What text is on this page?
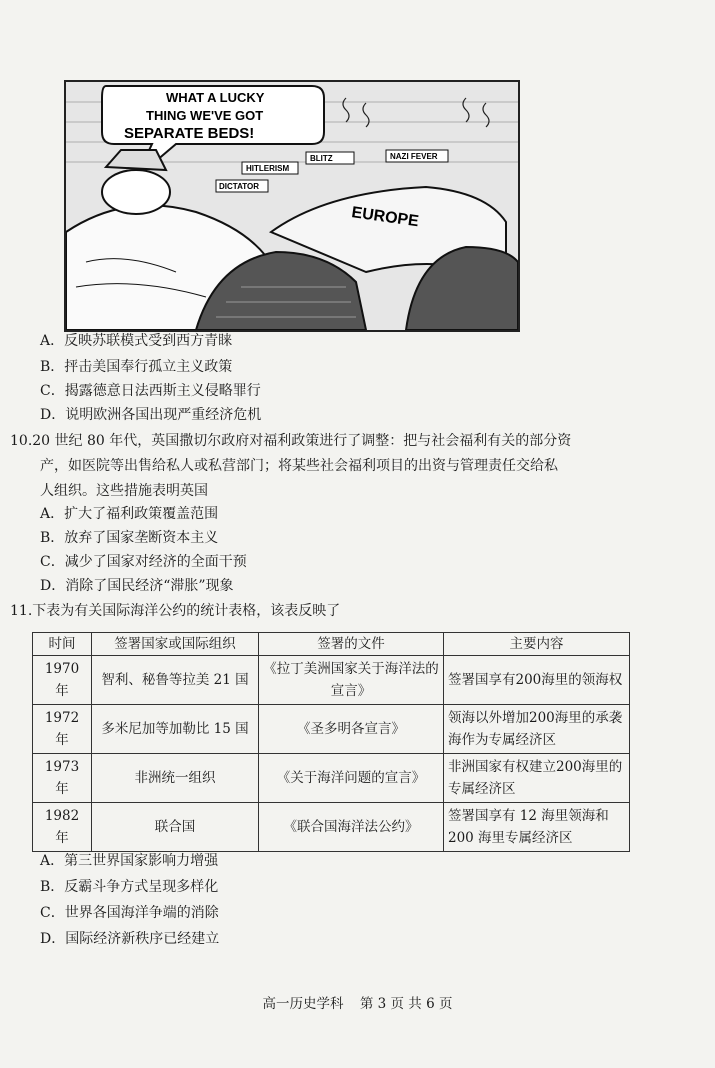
WHAT A LUCKY
THING WE'VE GOT
SEPARATE BEDS!
EUROPE
HITLERISM
BLITZ	NAZI FEVER
DICTATOR
A．反映苏联模式受到西方青睐
B．抨击美国奉行孤立主义政策
C．揭露德意日法西斯主义侵略罪行
D．说明欧洲各国出现严重经济危机
10.20 世纪 80 年代，英国撒切尔政府对福利政策进行了调整：把与社会福利有关的部分资
产，如医院等出售给私人或私营部门；将某些社会福利项目的出资与管理责任交给私
人组织。这些措施表明英国
A．扩大了福利政策覆盖范围
B．放弃了国家垄断资本主义
C．减少了国家对经济的全面干预
D．消除了国民经济“滞胀”现象
11.下表为有关国际海洋公约的统计表格，该表反映了
时间	签署国家或国际组织	签署的文件	主要内容
1970 年	智利、秘鲁等拉美 21 国	《拉丁美洲国家关于海洋法的宣言》	签署国享有200海里的领海权
1972 年	多米尼加等加勒比 15 国	《圣多明各宣言》	领海以外增加200海里的承袭海作为专属经济区
1973 年	非洲统一组织	《关于海洋问题的宣言》	非洲国家有权建立200海里的专属经济区
1982 年	联合国	《联合国海洋法公约》	签署国享有 12 海里领海和 200 海里专属经济区
A．第三世界国家影响力增强
B．反霸斗争方式呈现多样化
C．世界各国海洋争端的消除
D．国际经济新秩序已经建立
高一历史学科 第 3 页 共 6 页
